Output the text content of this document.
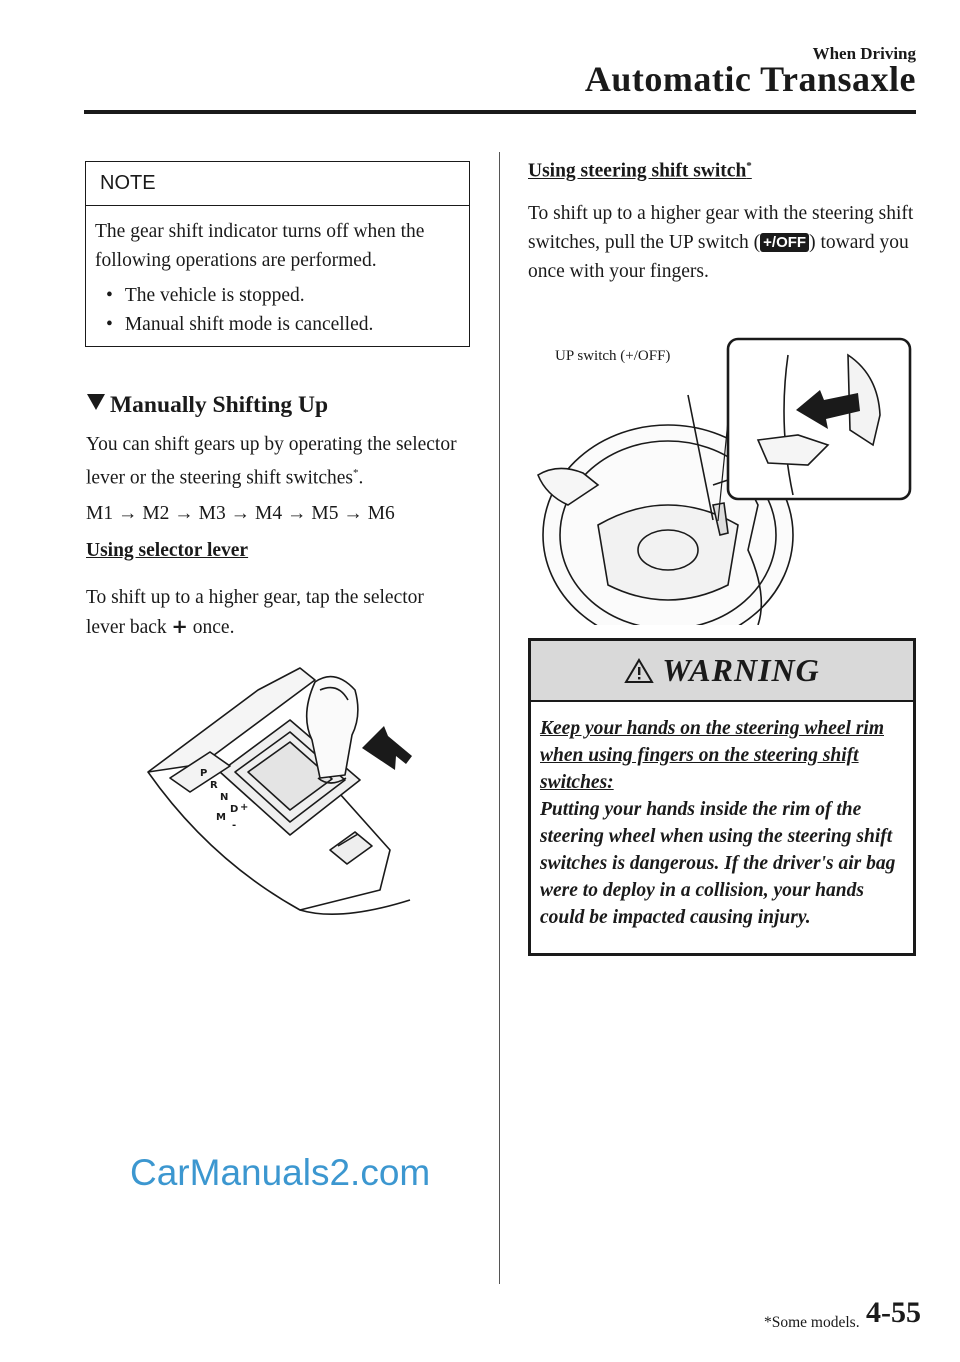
When Driving
Automatic Transaxle
NOTE
The gear shift indicator turns off when the following operations are performed.
• The vehicle is stopped.
• Manual shift mode is cancelled.
Manually Shifting Up
You can shift gears up by operating the selector lever or the steering shift switches*.
M1 → M2 → M3 → M4 → M5 → M6
Using selector lever
To shift up to a higher gear, tap the selector lever back + once.
P
R
N
D
M
+
-
Using steering shift switch*
To shift up to a higher gear with the steering shift switches, pull the UP switch ( +/OFF ) toward you once with your fingers.
UP switch (+/OFF)
WARNING
Keep your hands on the steering wheel rim when using fingers on the steering shift switches:
Putting your hands inside the rim of the steering wheel when using the steering shift switches is dangerous. If the driver's air bag were to deploy in a collision, your hands could be impacted causing injury.
CarManuals2.com
*Some models. 4-55
